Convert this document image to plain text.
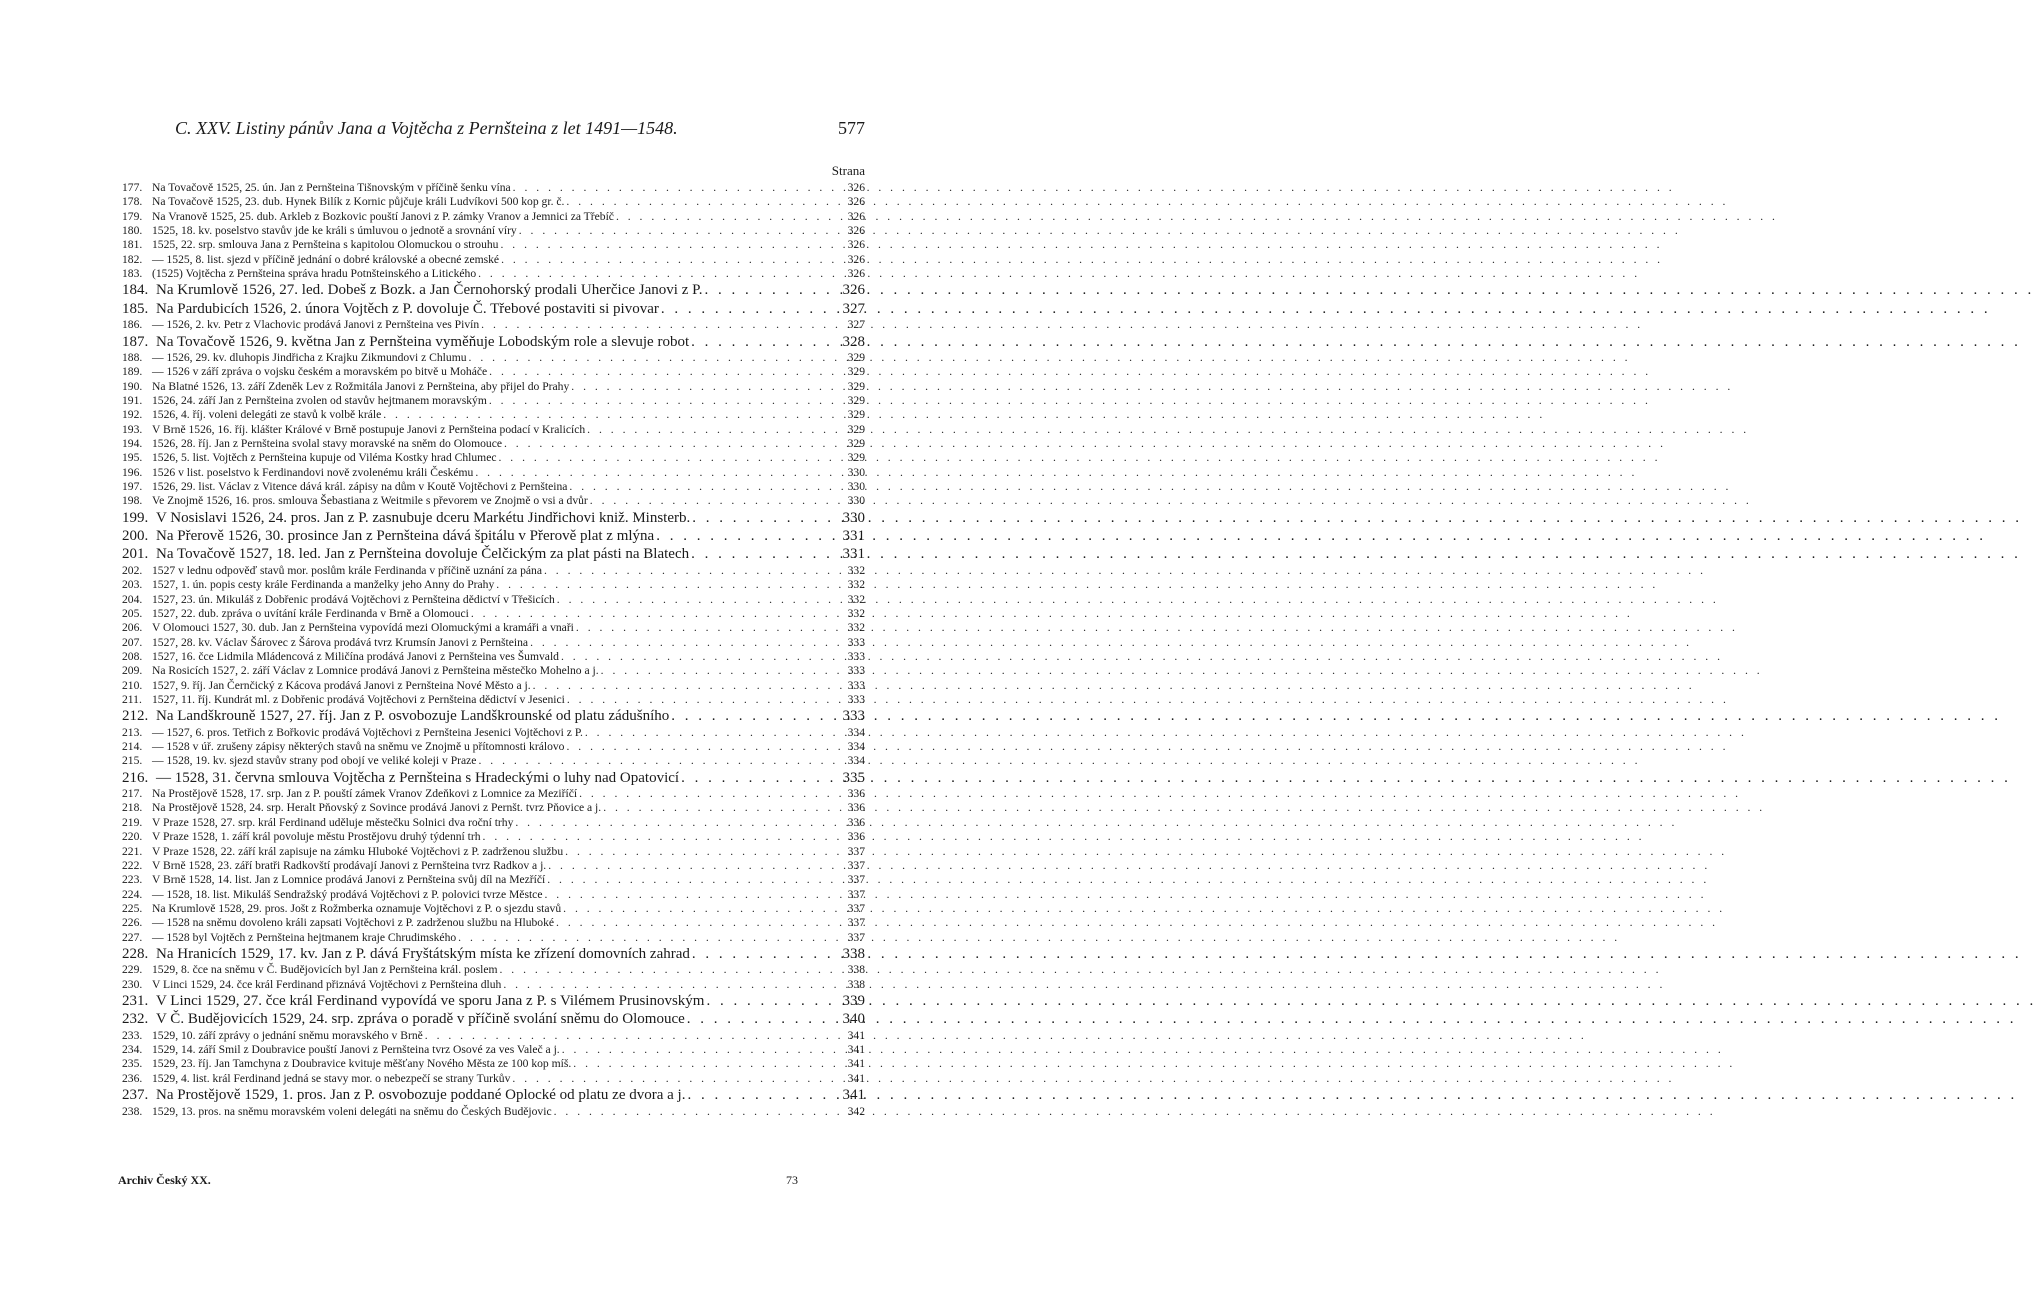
C. XXV. Listiny pánův Jana a Vojtěcha z Pernšteina z let 1491—1548.	577
Strana
177. Na Tovačově 1525, 25. ún. Jan z Pernšteina Tišnovským v příčině šenku vína . . .	326
178. Na Tovačově 1525, 23. dub. Hynek Bilík z Kornic půjčuje králi Ludvíkovi 500 kop gr. č. . . .	326
179. Na Vranově 1525, 25. dub. Arkleb z Bozkovic pouští Janovi z P. zámky Vranov a Jemnici za Třebíč . . .	326
180. 1525, 18. kv. poselstvo stavův jde ke králi s úmluvou o jednotě a srovnání víry . . .	326
181. 1525, 22. srp. smlouva Jana z Pernšteina s kapitolou Olomuckou o strouhu . . .	326
182. — 1525, 8. list. sjezd v příčině jednání o dobré královské a obecné zemské . . .	326
183. (1525) Vojtěcha z Pernšteina správa hradu Potnšteinského a Litického . . .	326
184. Na Krumlově 1526, 27. led. Dobeš z Bozk. a Jan Černohorský prodali Uherčice Janovi z P. . . .	326
185. Na Pardubicích 1526, 2. února Vojtěch z P. dovoluje Č. Třebové postaviti si pivovar . . .	327
186. — 1526, 2. kv. Petr z Vlachovic prodává Janovi z Pernšteina ves Pivín . . .	327
187. Na Tovačově 1526, 9. května Jan z Pernšteina vyměňuje Lobodským role a slevuje robot . . .	328
188. — 1526, 29. kv. dluhopis Jindřicha z Krajku Zikmundovi z Chlumu . . .	329
189. — 1526 v září zpráva o vojsku českém a moravském po bitvě u Moháče . . .	329
190. Na Blatné 1526, 13. září Zdeněk Lev z Rožmitála Janovi z Pernšteina, aby přijel do Prahy . . .	329
191. 1526, 24. září Jan z Pernšteina zvolen od stavův hejtmanem moravským . . .	329
192. 1526, 4. říj. voleni delegáti ze stavů k volbě krále . . .	329
193. V Brně 1526, 16. říj. klášter Králové v Brně postupuje Janovi z Pernšteina podací v Kralicích . . .	329
194. 1526, 28. říj. Jan z Pernšteina svolal stavy moravské na sněm do Olomouce . . .	329
195. 1526, 5. list. Vojtěch z Pernšteina kupuje od Viléma Kostky hrad Chlumec . . .	329
196. 1526 v list. poselstvo k Ferdinandovi nově zvolenému králi Českému . . .	330
197. 1526, 29. list. Václav z Vitence dává král. zápisy na dům v Koutě Vojtěchovi z Pernšteina . . .	330
198. Ve Znojmě 1526, 16. pros. smlouva Šebastiana z Weitmile s převorem ve Znojmě o vsi a dvůr . . .	330
199. V Nosislavi 1526, 24. pros. Jan z P. zasnubuje dceru Markétu Jindřichovi kniž. Minsterb. . . .	330
200. Na Přerově 1526, 30. prosince Jan z Pernšteina dává špitálu v Přerově plat z mlýna . . .	331
201. Na Tovačově 1527, 18. led. Jan z Pernšteina dovoluje Čelčickým za plat pásti na Blatech . . .	331
202. 1527 v lednu odpověď stavů mor. poslům krále Ferdinanda v příčině uznání za pána . . .	332
203. 1527, 1. ún. popis cesty krále Ferdinanda a manželky jeho Anny do Prahy . . .	332
204. 1527, 23. ún. Mikuláš z Dobřenic prodává Vojtěchovi z Pernšteina dědictví v Třešicích . . .	332
205. 1527, 22. dub. zpráva o uvítání krále Ferdinanda v Brně a Olomouci . . .	332
206. V Olomouci 1527, 30. dub. Jan z Pernšteina vypovídá mezi Olomuckými a kramáři a vnaři . . .	332
207. 1527, 28. kv. Václav Šárovec z Šárova prodává tvrz Krumsín Janovi z Pernšteina . . .	333
208. 1527, 16. čce Lidmila Mládencová z Miličína prodává Janovi z Pernšteina ves Šumvald . . .	333
209. Na Rosicích 1527, 2. září Václav z Lomnice prodává Janovi z Pernšteina městečko Mohelno a j. . . .	333
210. 1527, 9. říj. Jan Černčický z Kácova prodává Janovi z Pernšteina Nové Město a j. . . .	333
211. 1527, 11. říj. Kundrát ml. z Dobřenic prodává Vojtěchovi z Pernšteina dědictví v Jesenici . . .	333
212. Na Landškrouně 1527, 27. říj. Jan z P. osvobozuje Landškrounské od platu zádušního . . .	333
213. — 1527, 6. pros. Tetřich z Bořkovic prodává Vojtěchovi z Pernšteina Jesenici Vojtěchovi z P. . . .	334
214. — 1528 v úř. zrušeny zápisy některých stavů na sněmu ve Znojmě u přítomnosti královo . . .	334
215. — 1528, 19. kv. sjezd stavův strany pod obojí ve veliké koleji v Praze . . .	334
216. — 1528, 31. června smlouva Vojtěcha z Pernšteina s Hradeckými o luhy nad Opatovicí . . .	335
217. Na Prostějově 1528, 17. srp. Jan z P. pouští zámek Vranov Zdeňkovi z Lomnice za Meziříčí . . .	336
218. Na Prostějově 1528, 24. srp. Heralt Pňovský z Sovince prodává Janovi z Pernšt. tvrz Pňovice a j. . . .	336
219. V Praze 1528, 27. srp. král Ferdinand uděluje městečku Solnici dva roční trhy . . .	336
220. V Praze 1528, 1. září král povoluje městu Prostějovu druhý týdenní trh . . .	336
221. V Praze 1528, 22. září král zapisuje na zámku Hluboké Vojtěchovi z P. zadrženou službu . . .	337
222. V Brně 1528, 23. září bratři Radkovští prodávají Janovi z Pernšteina tvrz Radkov a j. . . .	337
223. V Brně 1528, 14. list. Jan z Lomnice prodává Janovi z Pernšteina svůj díl na Mezříčí . . .	337
224. — 1528, 18. list. Mikuláš Sendražský prodává Vojtěchovi z P. polovici tvrze Městce . . .	337
225. Na Krumlově 1528, 29. pros. Jošt z Rožmberka oznamuje Vojtěchovi z P. o sjezdu stavů . . .	337
226. — 1528 na sněmu dovoleno králi zapsati Vojtěchovi z P. zadrženou službu na Hluboké . . .	337
227. — 1528 byl Vojtěch z Pernšteina hejtmanem kraje Chrudimského . . .	337
228. Na Hranicích 1529, 17. kv. Jan z P. dává Fryštátským místa ke zřízení domovních zahrad . . .	338
229. 1529, 8. čce na sněmu v Č. Budějovicích byl Jan z Pernšteina král. poslem . . .	338
230. V Linci 1529, 24. čce král Ferdinand přiznává Vojtěchovi z Pernšteina dluh . . .	338
231. V Linci 1529, 27. čce král Ferdinand vypovídá ve sporu Jana z P. s Vilémem Prusinovským . . .	339
232. V Č. Budějovicích 1529, 24. srp. zpráva o poradě v příčině svolání sněmu do Olomouce . . .	340
233. 1529, 10. září zprávy o jednání sněmu moravského v Brně . . .	341
234. 1529, 14. září Smil z Doubravice pouští Janovi z Pernšteina tvrz Osové za ves Valeč a j. . . .	341
235. 1529, 23. říj. Jan Tamchyna z Doubravice kvituje měšťany Nového Města ze 100 kop míš. . . .	341
236. 1529, 4. list. král Ferdinand jedná se stavy mor. o nebezpečí se strany Turkův . . .	341
237. Na Prostějově 1529, 1. pros. Jan z P. osvobozuje poddané Oplocké od platu ze dvora a j. . . .	341
238. 1529, 13. pros. na sněmu moravském voleni delegáti na sněmu do Českých Budějovic . . .	342
Archiv Český XX.	73
